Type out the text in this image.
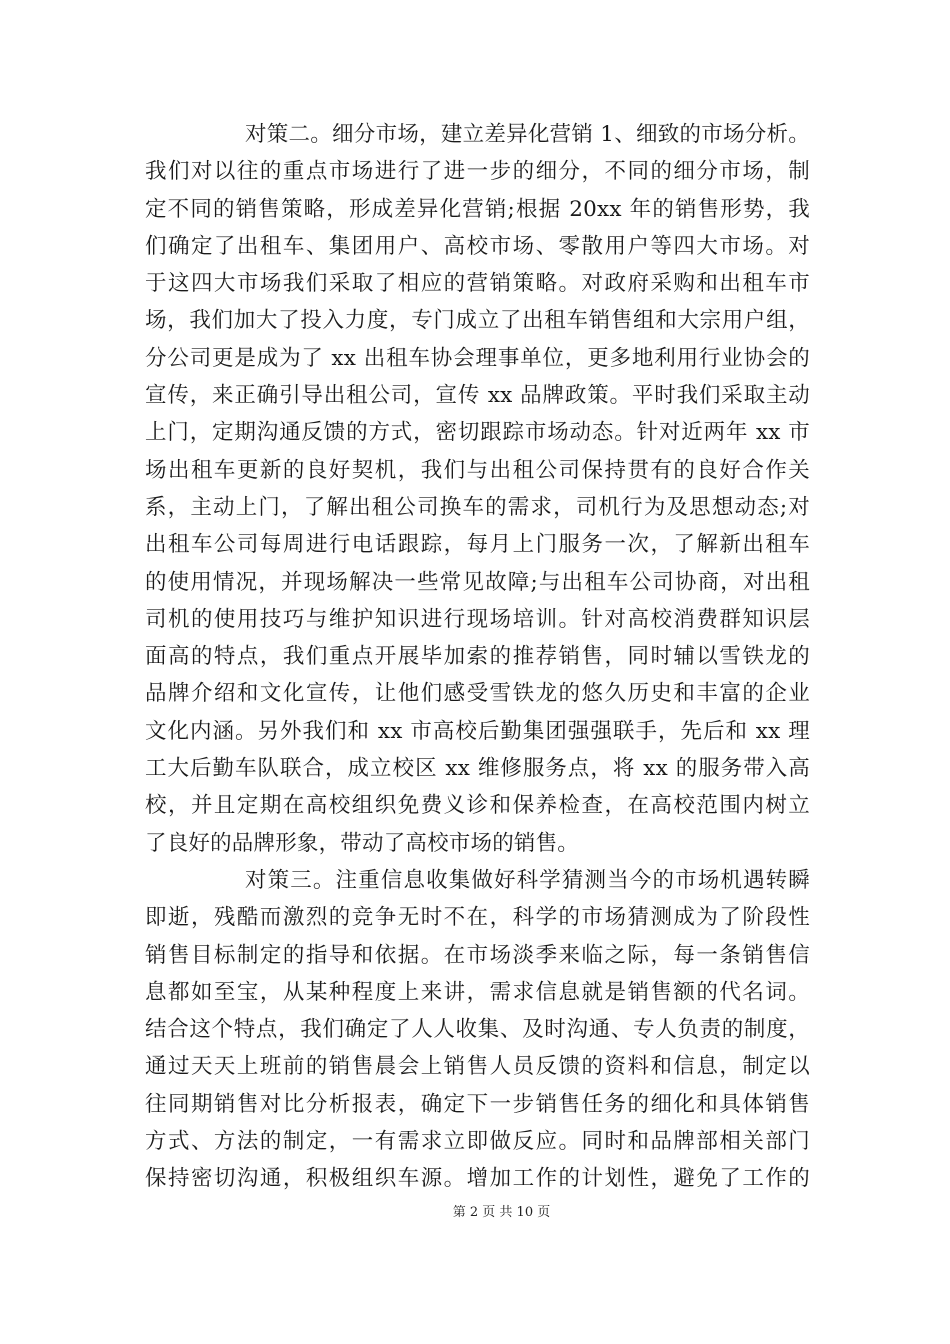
对策二。细分市场，建立差异化营销 1、细致的市场分析。
我们对以往的重点市场进行了进一步的细分，不同的细分市场，制
定不同的销售策略，形成差异化营销;根据 20xx 年的销售形势，我
们确定了出租车、集团用户、高校市场、零散用户等四大市场。对
于这四大市场我们采取了相应的营销策略。对政府采购和出租车市
场，我们加大了投入力度，专门成立了出租车销售组和大宗用户组，
分公司更是成为了 xx 出租车协会理事单位，更多地利用行业协会的
宣传，来正确引导出租公司，宣传 xx 品牌政策。平时我们采取主动
上门，定期沟通反馈的方式，密切跟踪市场动态。针对近两年 xx 市
场出租车更新的良好契机，我们与出租公司保持贯有的良好合作关
系，主动上门，了解出租公司换车的需求，司机行为及思想动态;对
出租车公司每周进行电话跟踪，每月上门服务一次，了解新出租车
的使用情况，并现场解决一些常见故障;与出租车公司协商，对出租
司机的使用技巧与维护知识进行现场培训。针对高校消费群知识层
面高的特点，我们重点开展毕加索的推荐销售，同时辅以雪铁龙的
品牌介绍和文化宣传，让他们感受雪铁龙的悠久历史和丰富的企业
文化内涵。另外我们和 xx 市高校后勤集团强强联手，先后和 xx 理
工大后勤车队联合，成立校区 xx 维修服务点，将 xx 的服务带入高
校，并且定期在高校组织免费义诊和保养检查，在高校范围内树立
了良好的品牌形象，带动了高校市场的销售。
对策三。注重信息收集做好科学猜测当今的市场机遇转瞬
即逝，残酷而激烈的竞争无时不在，科学的市场猜测成为了阶段性
销售目标制定的指导和依据。在市场淡季来临之际，每一条销售信
息都如至宝，从某种程度上来讲，需求信息就是销售额的代名词。
结合这个特点，我们确定了人人收集、及时沟通、专人负责的制度，
通过天天上班前的销售晨会上销售人员反馈的资料和信息，制定以
往同期销售对比分析报表，确定下一步销售任务的细化和具体销售
方式、方法的制定，一有需求立即做反应。同时和品牌部相关部门
保持密切沟通，积极组织车源。增加工作的计划性，避免了工作的
第 2 页 共 10 页
